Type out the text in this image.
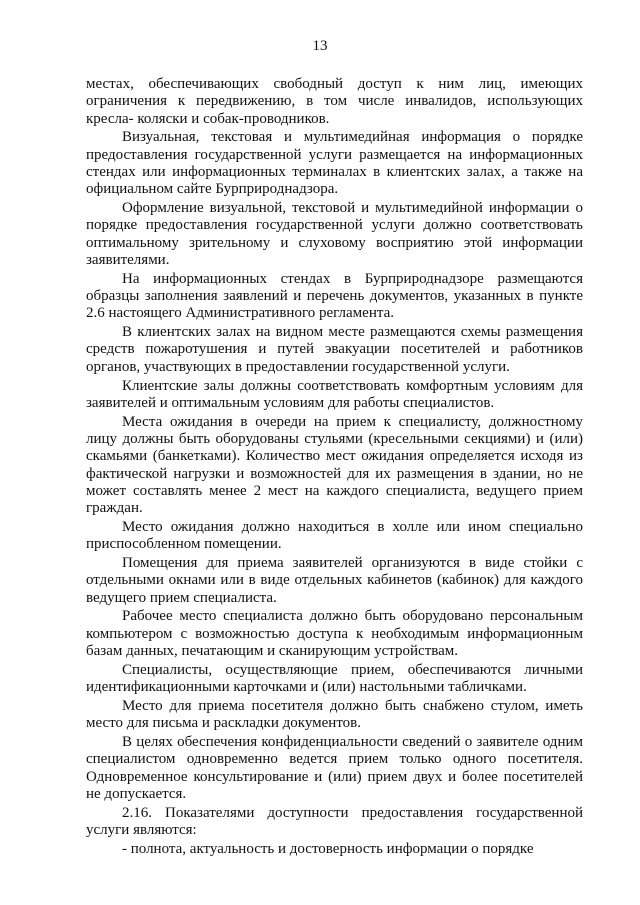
13

местах, обеспечивающих свободный доступ к ним лиц, имеющих ограничения к передвижению, в том числе инвалидов, использующих кресла- коляски и собак-проводников.

Визуальная, текстовая и мультимедийная информация о порядке предоставления государственной услуги размещается на информационных стендах или информационных терминалах в клиентских залах, а также на официальном сайте Бурприроднадзора.

Оформление визуальной, текстовой и мультимедийной информации о порядке предоставления государственной услуги должно соответствовать оптимальному зрительному и слуховому восприятию этой информации заявителями.

На информационных стендах в Бурприроднадзоре размещаются образцы заполнения заявлений и перечень документов, указанных в пункте 2.6 настоящего Административного регламента.

В клиентских залах на видном месте размещаются схемы размещения средств пожаротушения и путей эвакуации посетителей и работников органов, участвующих в предоставлении государственной услуги.

Клиентские залы должны соответствовать комфортным условиям для заявителей и оптимальным условиям для работы специалистов.

Места ожидания в очереди на прием к специалисту, должностному лицу должны быть оборудованы стульями (кресельными секциями) и (или) скамьями (банкетками). Количество мест ожидания определяется исходя из фактической нагрузки и возможностей для их размещения в здании, но не может составлять менее 2 мест на каждого специалиста, ведущего прием граждан.

Место ожидания должно находиться в холле или ином специально приспособленном помещении.

Помещения для приема заявителей организуются в виде стойки с отдельными окнами или в виде отдельных кабинетов (кабинок) для каждого ведущего прием специалиста.

Рабочее место специалиста должно быть оборудовано персональным компьютером с возможностью доступа к необходимым информационным базам данных, печатающим и сканирующим устройствам.

Специалисты, осуществляющие прием, обеспечиваются личными идентификационными карточками и (или) настольными табличками.

Место для приема посетителя должно быть снабжено стулом, иметь место для письма и раскладки документов.

В целях обеспечения конфиденциальности сведений о заявителе одним специалистом одновременно ведется прием только одного посетителя. Одновременное консультирование и (или) прием двух и более посетителей не допускается.

2.16. Показателями доступности предоставления государственной услуги являются:

- полнота, актуальность и достоверность информации о порядке
